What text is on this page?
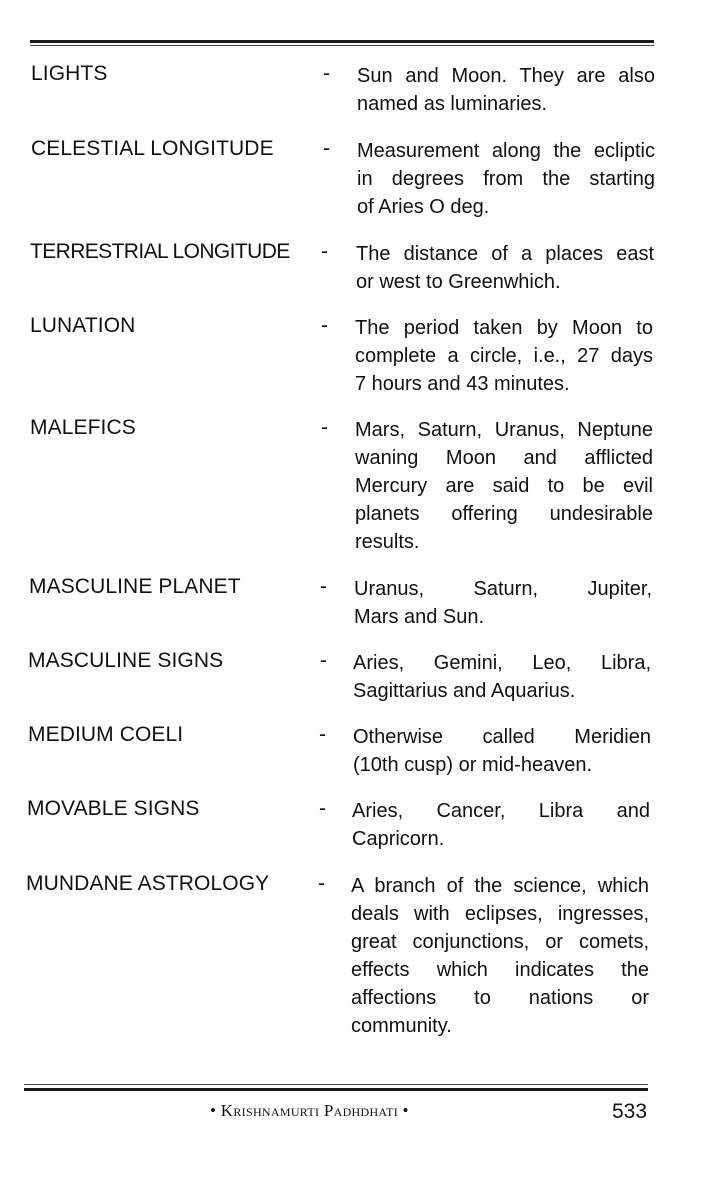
LIGHTS	- Sun and Moon. They are also
named as luminaries.
CELESTIAL LONGITUDE - Measurement along the ecliptic
in degrees from the starting
of Aries O deg.
TERRESTRIAL LONGITUDE - The distance of a places east
or west to Greenwhich.
LUNATION	- The period taken by Moon to
complete a circle, i.e., 27 days
7 hours and 43 minutes.
MALEFICS	- Mars, Saturn, Uranus, Neptune
waning Moon and afflicted
Mercury are said to be evil
planets offering undesirable
results.
MASCULINE PLANET	- Uranus, Saturn, Jupiter,
Mars and Sun.
MASCULINE SIGNS	- Aries, Gemini, Leo, Libra,
Sagittarius and Aquarius.
MEDIUM COELI	- Otherwise called Meridien
(10th cusp) or mid-heaven.
MOVABLE SIGNS	- Aries, Cancer, Libra and
Capricorn.
MUNDANE ASTROLOGY - A branch of the science, which
deals with eclipses, ingresses,
great conjunctions, or comets,
effects which indicates the
affections to nations or
community.
• Krishnamurti Padhdhati •	533
